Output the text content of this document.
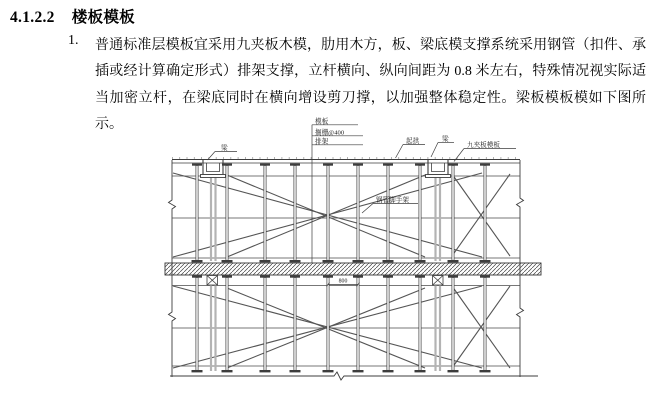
4.1.2.2 楼板模板
1. 普通标准层模板宜采用九夹板木模，肋用木方，板、梁底模支撑系统采用钢管（扣件、承插或经计算确定形式）排架支撑，立杆横向、纵向间距为 0.8 米左右，特殊情况视实际适当加密立杆，在梁底同时在横向增设剪刀撑，以加强整体稳定性。梁板模板模如下图所示。
800
模板
搁栅@400
排架
梁
起拱	梁
九夹板模板
钢管脚手架
